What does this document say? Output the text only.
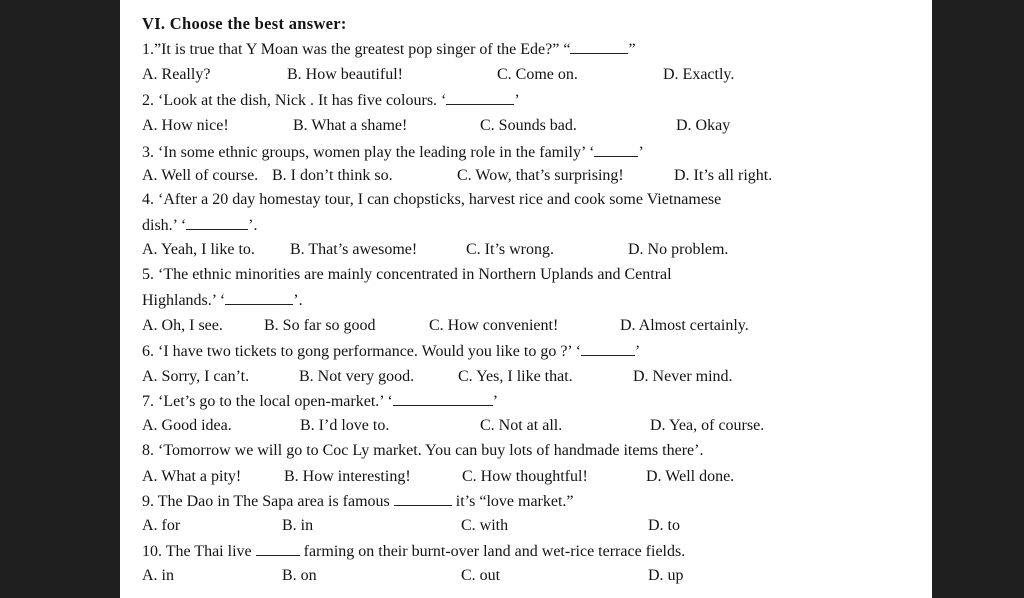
VI. Choose the best answer:
1.”It is true that Y Moan was the greatest pop singer of the Ede?” “	”
A. Really?	B. How beautiful!	C. Come on.	D. Exactly.
2. ‘Look at the dish, Nick . It has five colours. ‘	’
A. How nice!	B. What a shame!	C. Sounds bad.	D. Okay
3. ‘In some ethnic groups, women play the leading role in the family’ ‘	’
A. Well of course. B. I don’t think so.	C. Wow, that’s surprising!	D. It’s all right.
4. ‘After a 20 day homestay tour, I can chopsticks, harvest rice and cook some Vietnamese
dish.’ ‘	’.
A. Yeah, I like to. B. That’s awesome!	C. It’s wrong.	D. No problem.
5. ‘The ethnic minorities are mainly concentrated in Northern Uplands and Central
Highlands.’ ‘	’.
A. Oh, I see.	B. So far so good	C. How convenient!	D. Almost certainly.
6. ‘I have two tickets to gong performance. Would you like to go ?’ ‘	’
A. Sorry, I can’t.	B. Not very good.	C. Yes, I like that.	D. Never mind.
7. ‘Let’s go to the local open-market.’ ‘	’
A. Good idea.	B. I’d love to.	C. Not at all.	D. Yea, of course.
8. ‘Tomorrow we will go to Coc Ly market. You can buy lots of handmade items there’.
A. What a pity!	B. How interesting!	C. How thoughtful!	D. Well done.
9. The Dao in The Sapa area is famous	it’s “love market.”
A. for	B. in	C. with	D. to
10. The Thai live	farming on their burnt-over land and wet-rice terrace fields.
A. in	B. on	C. out	D. up
